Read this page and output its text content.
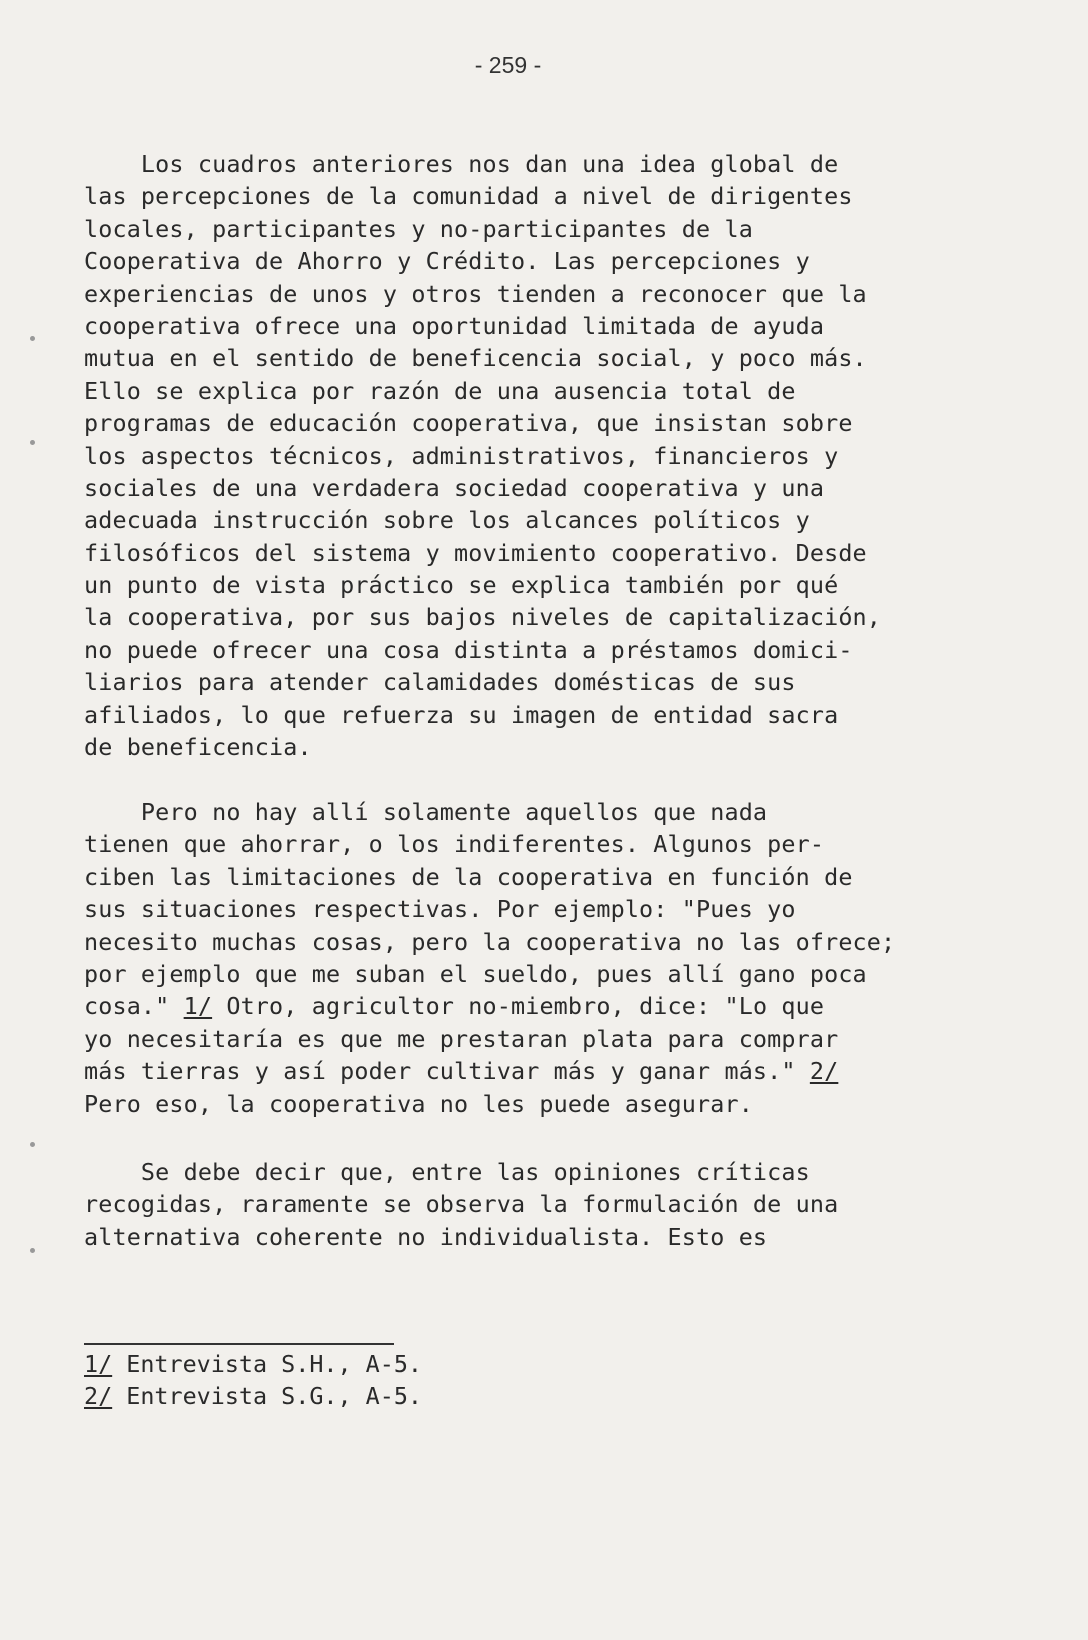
- 259 -
Los cuadros anteriores nos dan una idea global de
las percepciones de la comunidad a nivel de dirigentes
locales, participantes y no-participantes de la
Cooperativa de Ahorro y Crédito. Las percepciones y
experiencias de unos y otros tienden a reconocer que la
cooperativa ofrece una oportunidad limitada de ayuda
mutua en el sentido de beneficencia social, y poco más.
Ello se explica por razón de una ausencia total de
programas de educación cooperativa, que insistan sobre
los aspectos técnicos, administrativos, financieros y
sociales de una verdadera sociedad cooperativa y una
adecuada instrucción sobre los alcances políticos y
filosóficos del sistema y movimiento cooperativo. Desde
un punto de vista práctico se explica también por qué
la cooperativa, por sus bajos niveles de capitalización,
no puede ofrecer una cosa distinta a préstamos domici-
liarios para atender calamidades domésticas de sus
afiliados, lo que refuerza su imagen de entidad sacra
de beneficencia.
Pero no hay allí solamente aquellos que nada
tienen que ahorrar, o los indiferentes. Algunos per-
ciben las limitaciones de la cooperativa en función de
sus situaciones respectivas. Por ejemplo: "Pues yo
necesito muchas cosas, pero la cooperativa no las ofrece;
por ejemplo que me suban el sueldo, pues allí gano poca
cosa." 1/ Otro, agricultor no-miembro, dice: "Lo que
yo necesitaría es que me prestaran plata para comprar
más tierras y así poder cultivar más y ganar más." 2/
Pero eso, la cooperativa no les puede asegurar.
Se debe decir que, entre las opiniones críticas
recogidas, raramente se observa la formulación de una
alternativa coherente no individualista. Esto es
1/ Entrevista S.H., A-5.
2/ Entrevista S.G., A-5.
